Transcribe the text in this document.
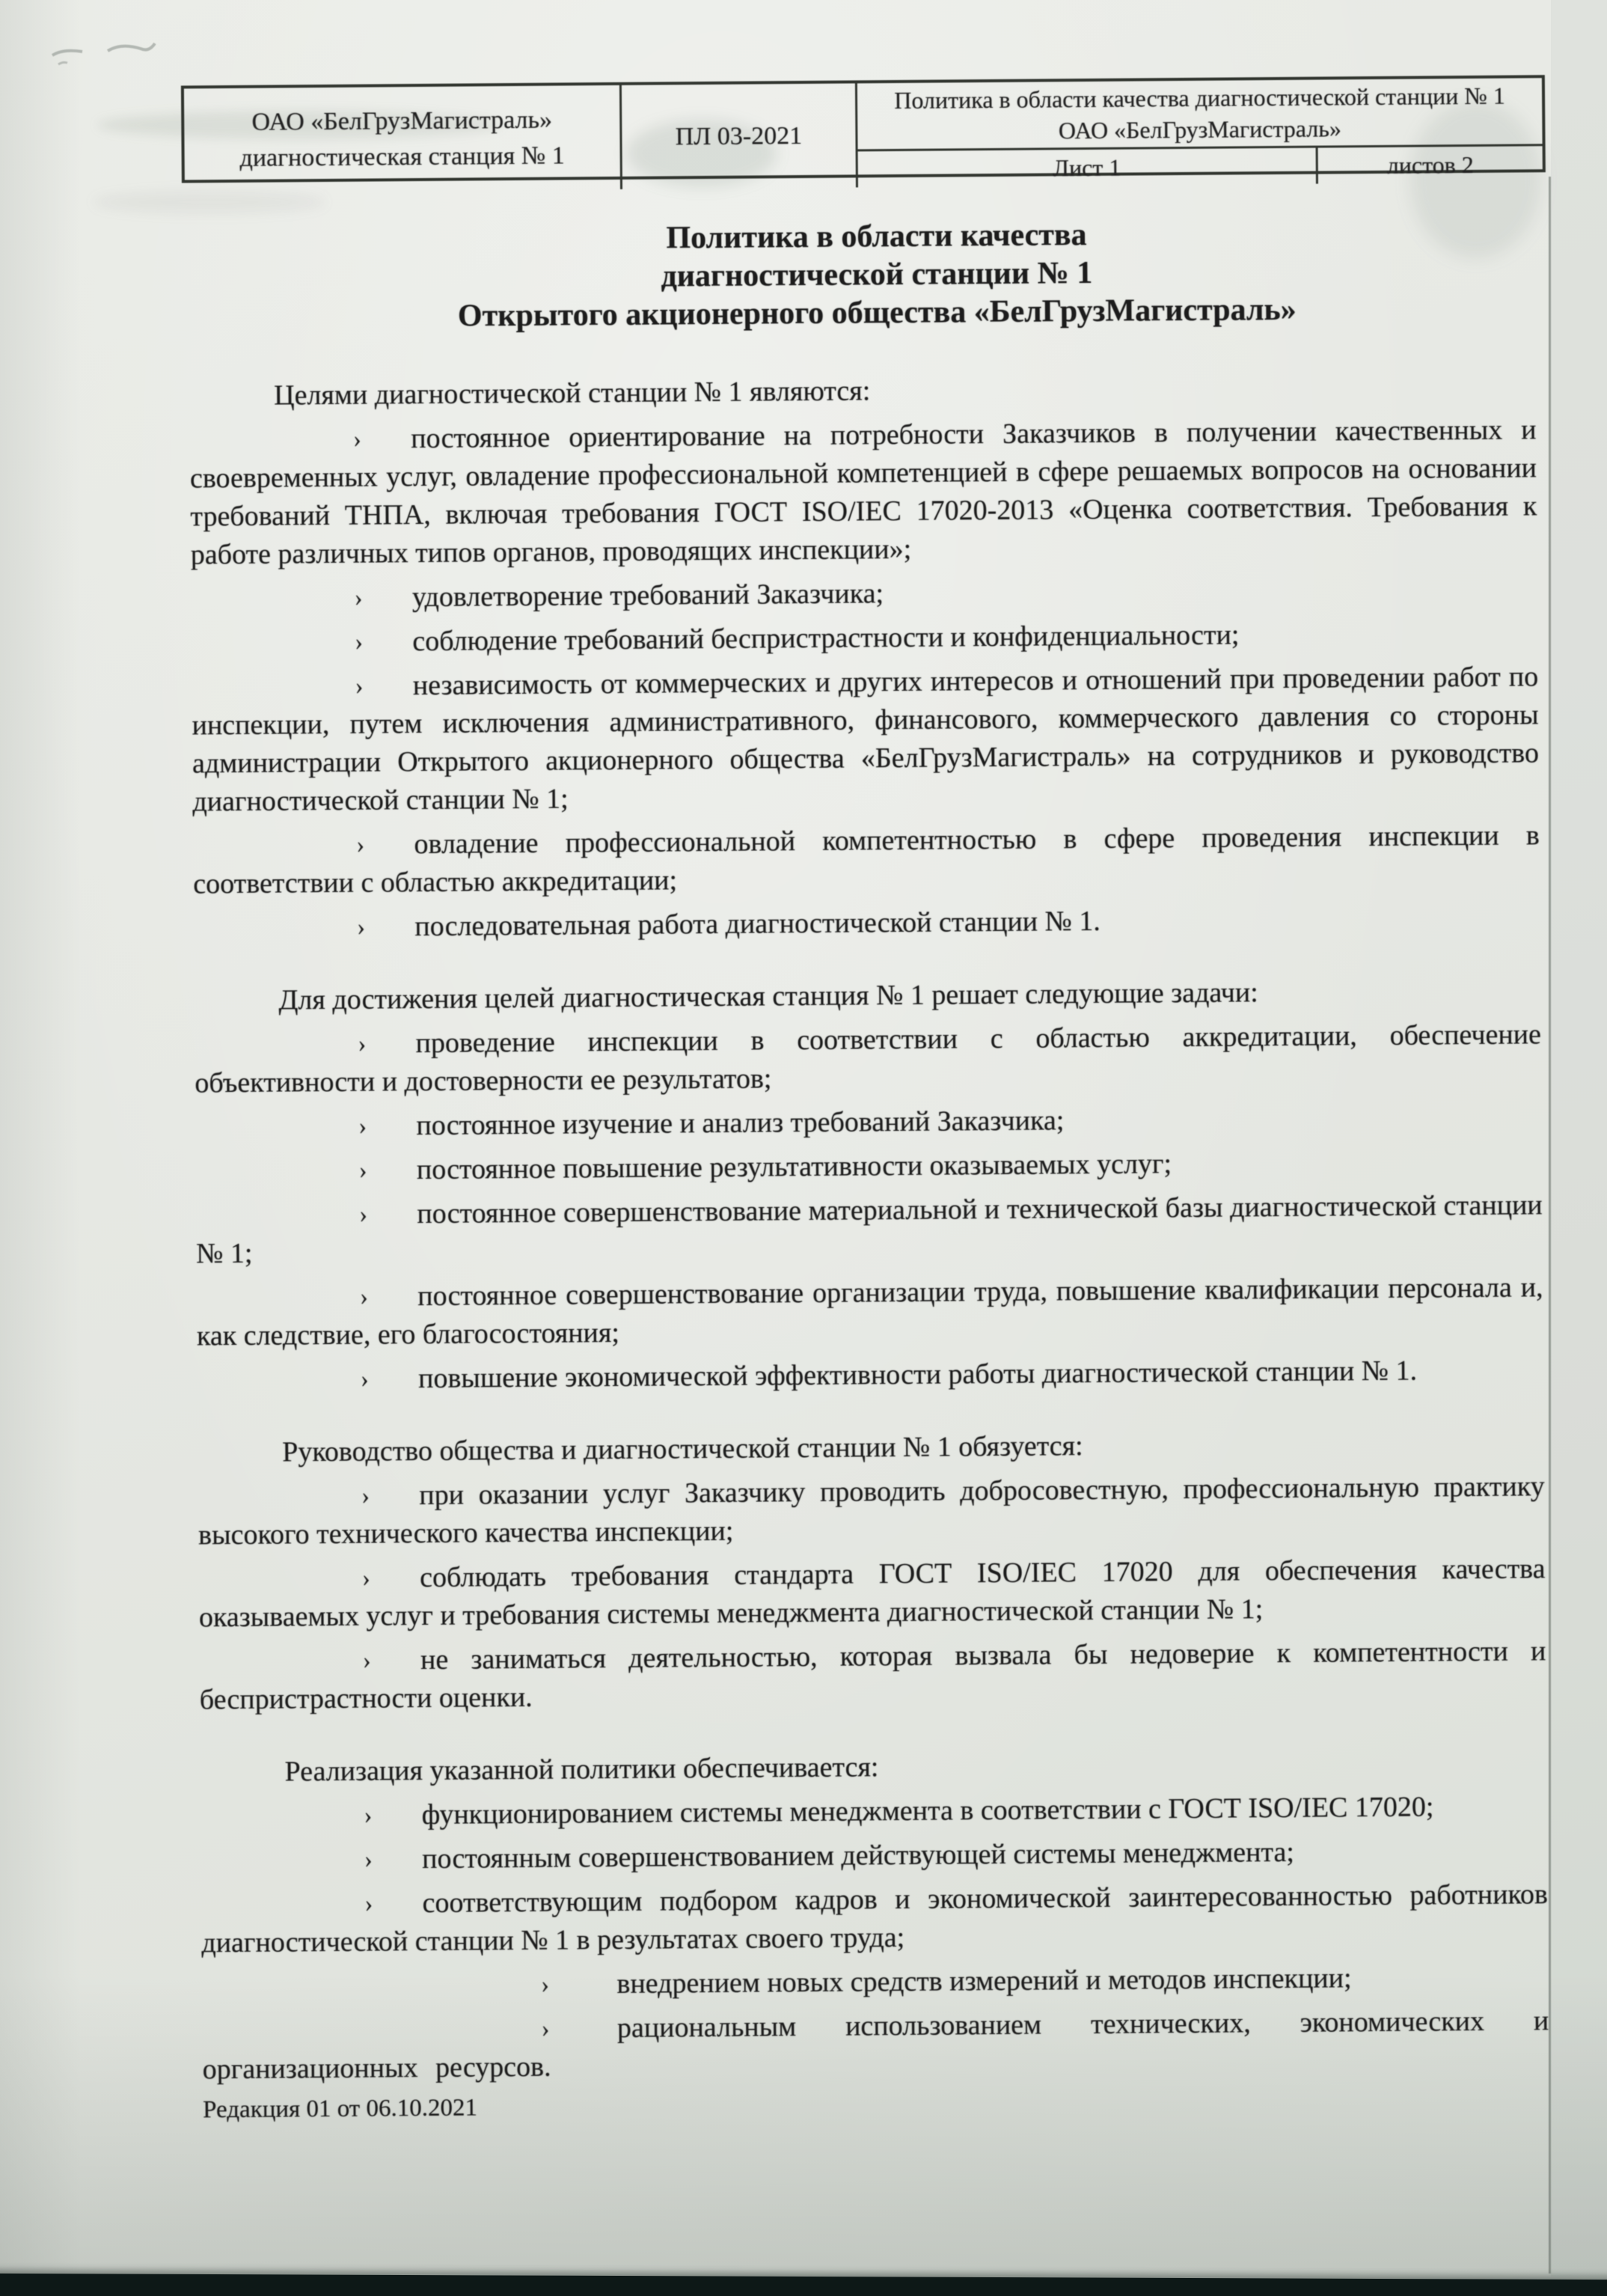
ОАО «БелГрузМагистраль»
диагностическая станция № 1
ПЛ 03-2021
Политика в области качества диагностической станции № 1 ОАО «БелГрузМагистраль»
Лист 1	листов 2
Политика в области качества
диагностической станции № 1
Открытого акционерного общества «БелГрузМагистраль»

Целями диагностической станции № 1 являются:

› постоянное ориентирование на потребности Заказчиков в получении качественных и своевременных услуг, овладение профессиональной компетенцией в сфере решаемых вопросов на основании требований ТНПА, включая требования ГОСТ ISO/IEC 17020-2013 «Оценка соответствия. Требования к работе различных типов органов, проводящих инспекции»;

› удовлетворение требований Заказчика;

› соблюдение требований беспристрастности и конфиденциальности;

› независимость от коммерческих и других интересов и отношений при проведении работ по инспекции, путем исключения административного, финансового, коммерческого давления со стороны администрации Открытого акционерного общества «БелГрузМагистраль» на сотрудников и руководство диагностической станции № 1;

› овладение профессиональной компетентностью в сфере проведения инспекции в соответствии с областью аккредитации;

› последовательная работа диагностической станции № 1.

Для достижения целей диагностическая станция № 1 решает следующие задачи:

› проведение инспекции в соответствии с областью аккредитации, обеспечение объективности и достоверности ее результатов;

› постоянное изучение и анализ требований Заказчика;

› постоянное повышение результативности оказываемых услуг;

› постоянное совершенствование материальной и технической базы диагностической станции № 1;

› постоянное совершенствование организации труда, повышение квалификации персонала и, как следствие, его благосостояния;

› повышение экономической эффективности работы диагностической станции № 1.

Руководство общества и диагностической станции № 1 обязуется:

› при оказании услуг Заказчику проводить добросовестную, профессиональную практику высокого технического качества инспекции;

› соблюдать требования стандарта ГОСТ ISO/IEC 17020 для обеспечения качества оказываемых услуг и требования системы менеджмента диагностической станции № 1;

› не заниматься деятельностью, которая вызвала бы недоверие к компетентности и беспристрастности оценки.

Реализация указанной политики обеспечивается:

› функционированием системы менеджмента в соответствии с ГОСТ ISO/IEC 17020;

› постоянным совершенствованием действующей системы менеджмента;

› соответствующим подбором кадров и экономической заинтересованностью работников диагностической станции № 1 в результатах своего труда;

› внедрением новых средств измерений и методов инспекции;

› рациональным использованием технических, экономических и организационных ресурсов.

Редакция 01 от 06.10.2021
